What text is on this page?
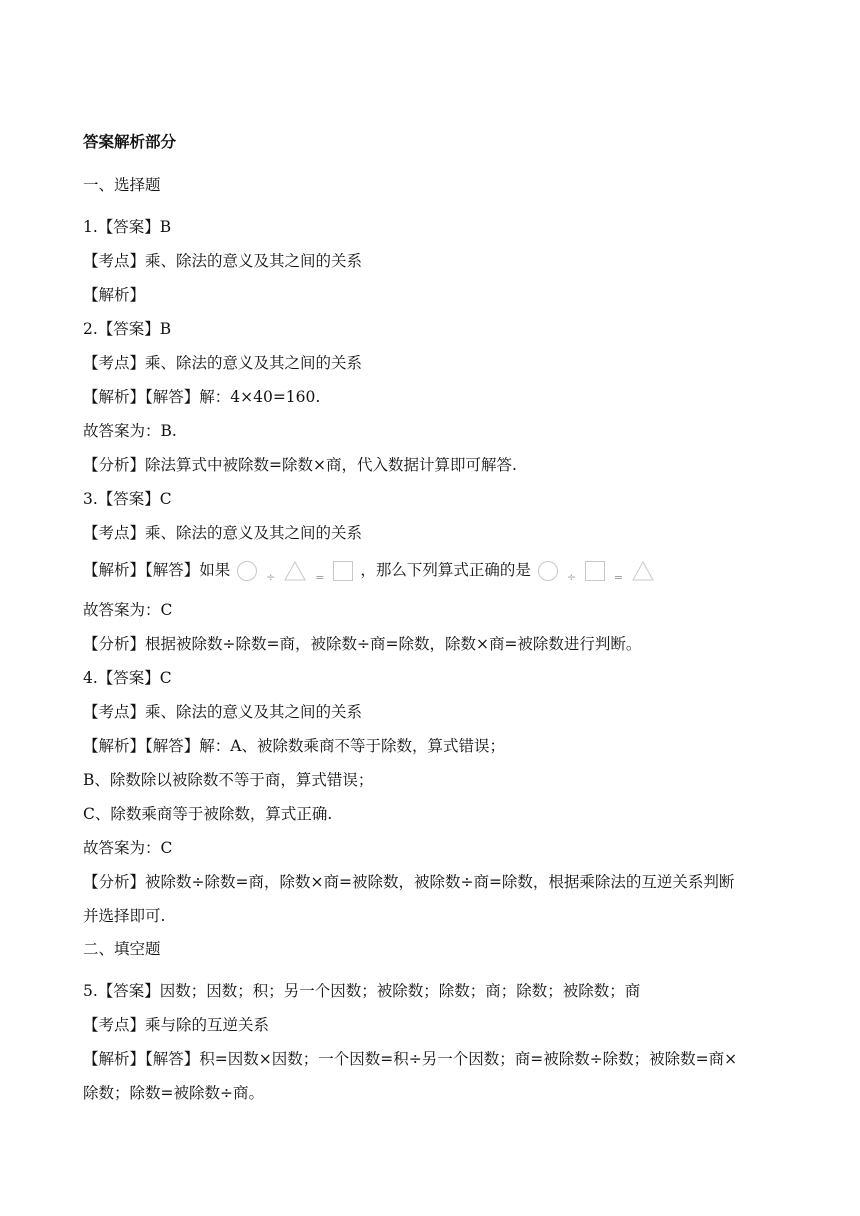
答案解析部分
一、选择题
1.【答案】B
【考点】乘、除法的意义及其之间的关系
【解析】
2.【答案】B
【考点】乘、除法的意义及其之间的关系
【解析】【解答】解：4×40=160.
故答案为：B.
【分析】除法算式中被除数=除数×商，代入数据计算即可解答.
3.【答案】C
【考点】乘、除法的意义及其之间的关系
【解析】【解答】如果	$_\div$	$_=$ ，那么下列算式正确的是	$_\div$	$_=$
故答案为：C
【分析】根据被除数÷除数=商，被除数÷商=除数，除数×商=被除数进行判断。
4.【答案】C
【考点】乘、除法的意义及其之间的关系
【解析】【解答】解：A、被除数乘商不等于除数，算式错误；
B、除数除以被除数不等于商，算式错误；
C、除数乘商等于被除数，算式正确.
故答案为：C
【分析】被除数÷除数=商，除数×商=被除数，被除数÷商=除数，根据乘除法的互逆关系判断
并选择即可.
二、填空题
5.【答案】因数；因数；积；另一个因数；被除数；除数；商；除数；被除数；商
【考点】乘与除的互逆关系
【解析】【解答】积=因数×因数；一个因数=积÷另一个因数；商=被除数÷除数；被除数=商×
除数；除数=被除数÷商。
